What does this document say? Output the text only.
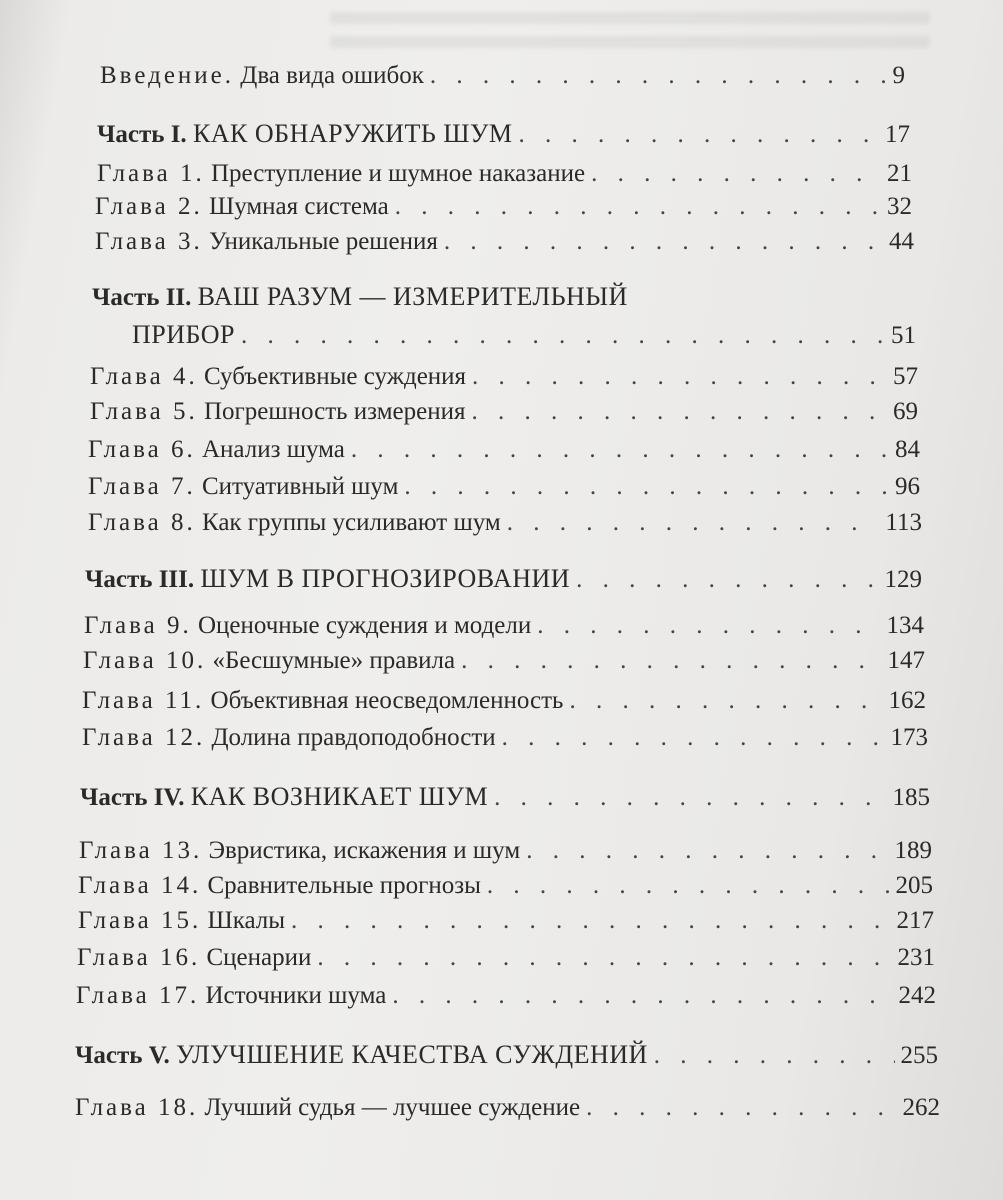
Введение. Два вида ошибок . . .	9
Часть I. КАК ОБНАРУЖИТЬ ШУМ . . .	17
Глава 1. Преступление и шумное наказание . . .	21
Глава 2. Шумная система . . .	32
Глава 3. Уникальные решения . . .	44
Часть II. ВАШ РАЗУМ — ИЗМЕРИТЕЛЬНЫЙ
ПРИБОР . . .	51
Глава 4. Субъективные суждения . . .	57
Глава 5. Погрешность измерения . . .	69
Глава 6. Анализ шума . . .	84
Глава 7. Ситуативный шум . . .	96
Глава 8. Как группы усиливают шум . . .	113
Часть III. ШУМ В ПРОГНОЗИРОВАНИИ . . .	129
Глава 9. Оценочные суждения и модели . . .	134
Глава 10. «Бесшумные» правила . . .	147
Глава 11. Объективная неосведомленность . . .	162
Глава 12. Долина правдоподобности . . .	173
Часть IV. КАК ВОЗНИКАЕТ ШУМ . . .	185
Глава 13. Эвристика, искажения и шум . . .	189
Глава 14. Сравнительные прогнозы . . .	205
Глава 15. Шкалы . . .	217
Глава 16. Сценарии . . .	231
Глава 17. Источники шума . . .	242
Часть V. УЛУЧШЕНИЕ КАЧЕСТВА СУЖДЕНИЙ . . .	255
Глава 18. Лучший судья — лучшее суждение . . .	262
